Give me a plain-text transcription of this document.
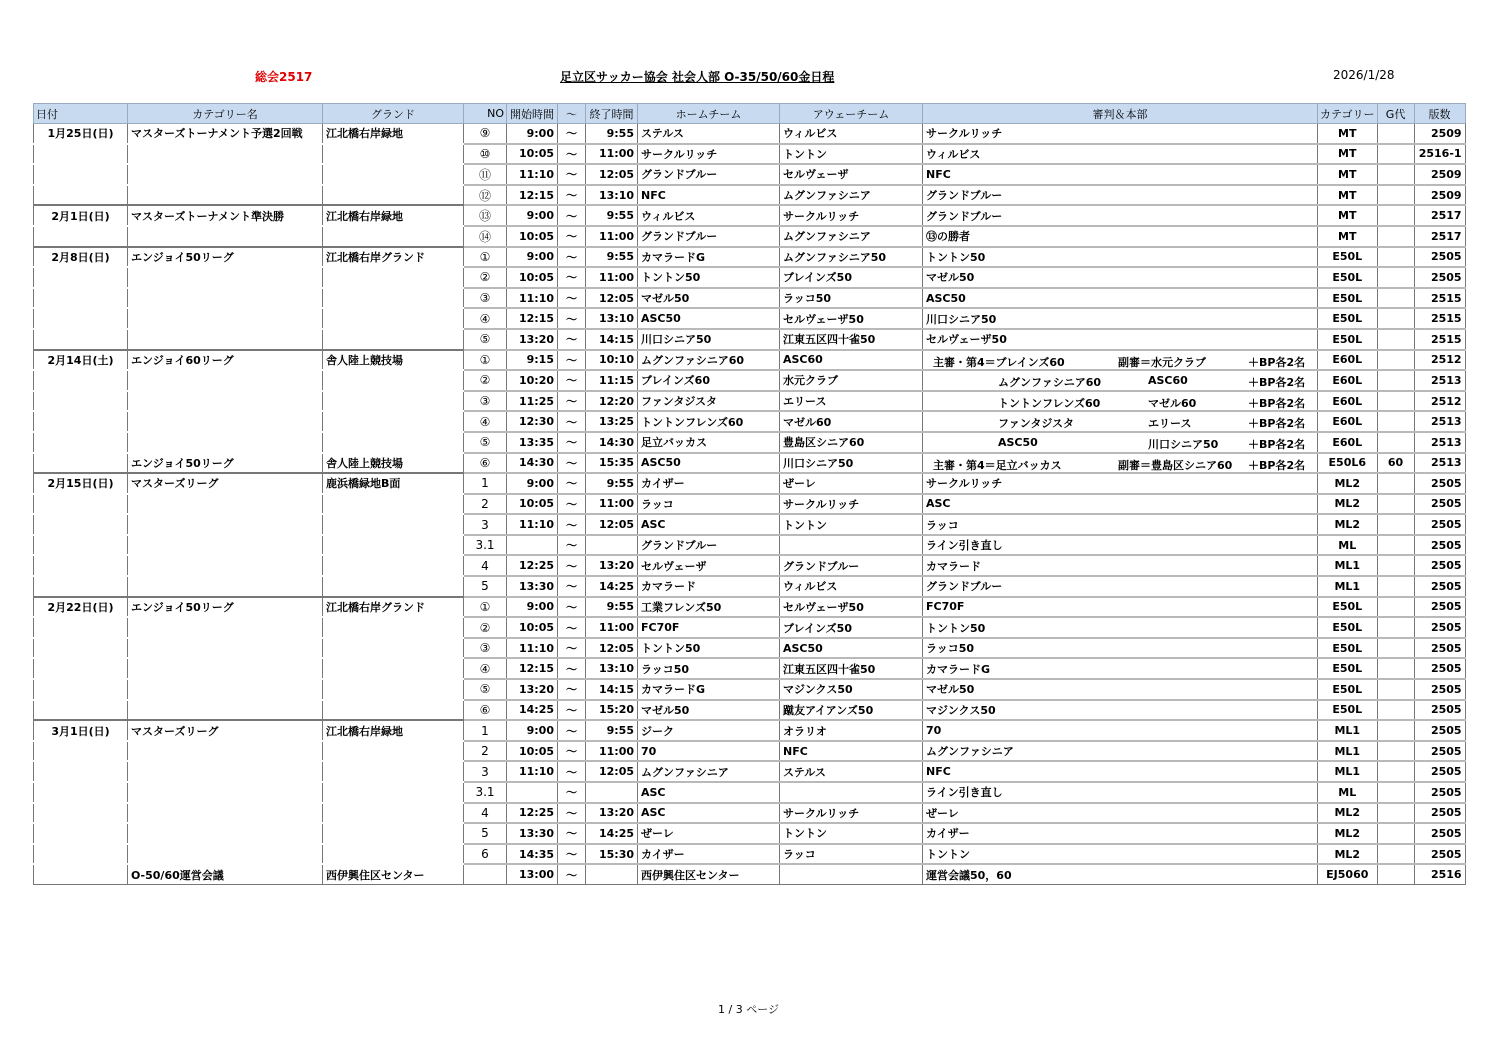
総会2517	足立区サッカー協会 社会人部 O-35/50/60金日程	2026/1/28
日付	カテゴリー名	グランド	NO	開始時間	～	終了時間	ホームチーム	アウェーチーム	審判＆本部	カテゴリー	G代	版数
1月25日(日)	マスターズトーナメント予選2回戦	江北橋右岸緑地	⑨	9:00	～	9:55	ステルス	ウィルビス	サークルリッチ	MT		2509
			⑩	10:05	～	11:00	サークルリッチ	トントン	ウィルビス	MT		2516-1
			⑪	11:10	～	12:05	グランドブルー	セルヴェーザ	NFC	MT		2509
			⑫	12:15	～	13:10	NFC	ムグンファシニア	グランドブルー	MT		2509
2月1日(日)	マスターズトーナメント準決勝	江北橋右岸緑地	⑬	9:00	～	9:55	ウィルビス	サークルリッチ	グランドブルー	MT		2517
			⑭	10:05	～	11:00	グランドブルー	ムグンファシニア	⑬の勝者	MT		2517
2月8日(日)	エンジョイ50リーグ	江北橋右岸グランド	①	9:00	～	9:55	カマラードG	ムグンファシニア50	トントン50	E50L		2505
			②	10:05	～	11:00	トントン50	ブレインズ50	マゼル50	E50L		2505
			③	11:10	～	12:05	マゼル50	ラッコ50	ASC50	E50L		2515
			④	12:15	～	13:10	ASC50	セルヴェーザ50	川口シニア50	E50L		2515
			⑤	13:20	～	14:15	川口シニア50	江東五区四十雀50	セルヴェーザ50	E50L		2515
2月14日(土)	エンジョイ60リーグ	舎人陸上競技場	①	9:15	～	10:10	ムグンファシニア60	ASC60	主審・第4＝ブレインズ60 副審＝水元クラブ ＋BP各2名	E60L		2512
			②	10:20	～	11:15	ブレインズ60	水元クラブ	ムグンファシニア60 ASC60 ＋BP各2名	E60L		2513
			③	11:25	～	12:20	ファンタジスタ	エリース	トントンフレンズ60 マゼル60 ＋BP各2名	E60L		2512
			④	12:30	～	13:25	トントンフレンズ60	マゼル60	ファンタジスタ エリース ＋BP各2名	E60L		2513
			⑤	13:35	～	14:30	足立バッカス	豊島区シニア60	ASC50 川口シニア50 ＋BP各2名	E60L		2513
	エンジョイ50リーグ	舎人陸上競技場	⑥	14:30	～	15:35	ASC50	川口シニア50	主審・第4＝足立バッカス 副審＝豊島区シニア60 ＋BP各2名	E50L6	60	2513
2月15日(日)	マスターズリーグ	鹿浜橋緑地B面	1	9:00	～	9:55	カイザー	ぜーレ	サークルリッチ	ML2		2505
			2	10:05	～	11:00	ラッコ	サークルリッチ	ASC	ML2		2505
			3	11:10	～	12:05	ASC	トントン	ラッコ	ML2		2505
			3.1		～		グランドブルー		ライン引き直し	ML		2505
			4	12:25	～	13:20	セルヴェーザ	グランドブルー	カマラード	ML1		2505
			5	13:30	～	14:25	カマラード	ウィルビス	グランドブルー	ML1		2505
2月22日(日)	エンジョイ50リーグ	江北橋右岸グランド	①	9:00	～	9:55	工業フレンズ50	セルヴェーザ50	FC70F	E50L		2505
			②	10:05	～	11:00	FC70F	ブレインズ50	トントン50	E50L		2505
			③	11:10	～	12:05	トントン50	ASC50	ラッコ50	E50L		2505
			④	12:15	～	13:10	ラッコ50	江東五区四十雀50	カマラードG	E50L		2505
			⑤	13:20	～	14:15	カマラードG	マジンクス50	マゼル50	E50L		2505
			⑥	14:25	～	15:20	マゼル50	蹴友アイアンズ50	マジンクス50	E50L		2505
3月1日(日)	マスターズリーグ	江北橋右岸緑地	1	9:00	～	9:55	ジーク	オラリオ	70	ML1		2505
			2	10:05	～	11:00	70	NFC	ムグンファシニア	ML1		2505
			3	11:10	～	12:05	ムグンファシニア	ステルス	NFC	ML1		2505
			3.1		～		ASC		ライン引き直し	ML		2505
			4	12:25	～	13:20	ASC	サークルリッチ	ぜーレ	ML2		2505
			5	13:30	～	14:25	ぜーレ	トントン	カイザー	ML2		2505
			6	14:35	～	15:30	カイザー	ラッコ	トントン	ML2		2505
	O-50/60運営会議	西伊興住区センター		13:00	～		西伊興住区センター		運営会議50，60	EJ5060		2516
1 / 3 ページ
